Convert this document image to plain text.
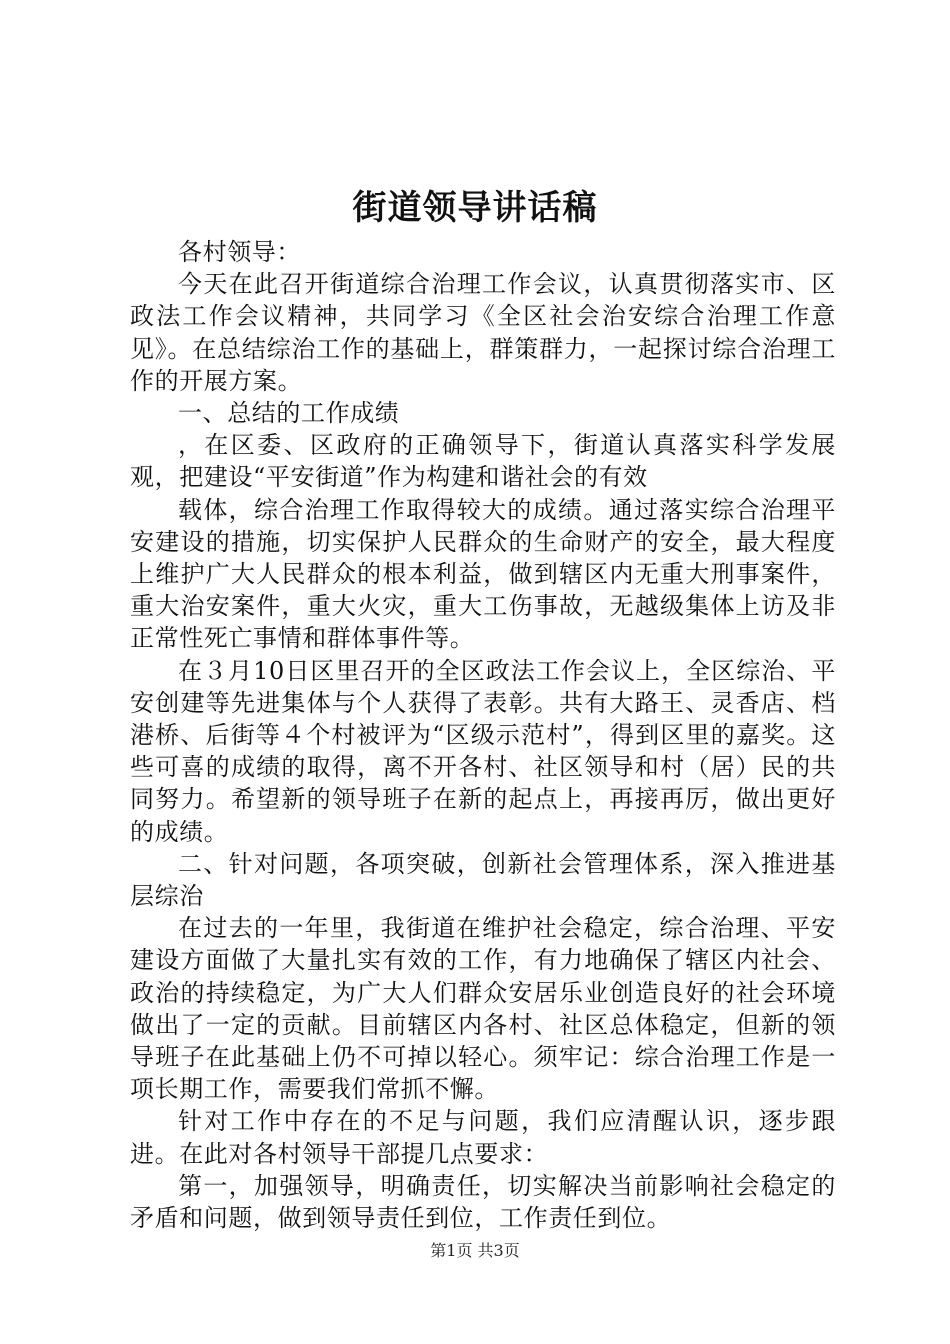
街道领导讲话稿

各村领导：

今天在此召开街道综合治理工作会议，认真贯彻落实市、区政法工作会议精神，共同学习《全区社会治安综合治理工作意见》。在总结综治工作的基础上，群策群力，一起探讨综合治理工作的开展方案。

一、总结的工作成绩

，在区委、区政府的正确领导下，街道认真落实科学发展观，把建设“平安街道”作为构建和谐社会的有效

载体，综合治理工作取得较大的成绩。通过落实综合治理平安建设的措施，切实保护人民群众的生命财产的安全，最大程度上维护广大人民群众的根本利益，做到辖区内无重大刑事案件，重大治安案件，重大火灾，重大工伤事故，无越级集体上访及非正常性死亡事情和群体事件等。

在３月10日区里召开的全区政法工作会议上，全区综治、平安创建等先进集体与个人获得了表彰。共有大路王、灵香店、档港桥、后街等４个村被评为“区级示范村”，得到区里的嘉奖。这些可喜的成绩的取得，离不开各村、社区领导和村（居）民的共同努力。希望新的领导班子在新的起点上，再接再厉，做出更好的成绩。

二、针对问题，各项突破，创新社会管理体系，深入推进基层综治

在过去的一年里，我街道在维护社会稳定，综合治理、平安建设方面做了大量扎实有效的工作，有力地确保了辖区内社会、政治的持续稳定，为广大人们群众安居乐业创造良好的社会环境做出了一定的贡献。目前辖区内各村、社区总体稳定，但新的领导班子在此基础上仍不可掉以轻心。须牢记：综合治理工作是一项长期工作，需要我们常抓不懈。

针对工作中存在的不足与问题，我们应清醒认识，逐步跟进。在此对各村领导干部提几点要求：

第一，加强领导，明确责任，切实解决当前影响社会稳定的矛盾和问题，做到领导责任到位，工作责任到位。

第1页 共3页
